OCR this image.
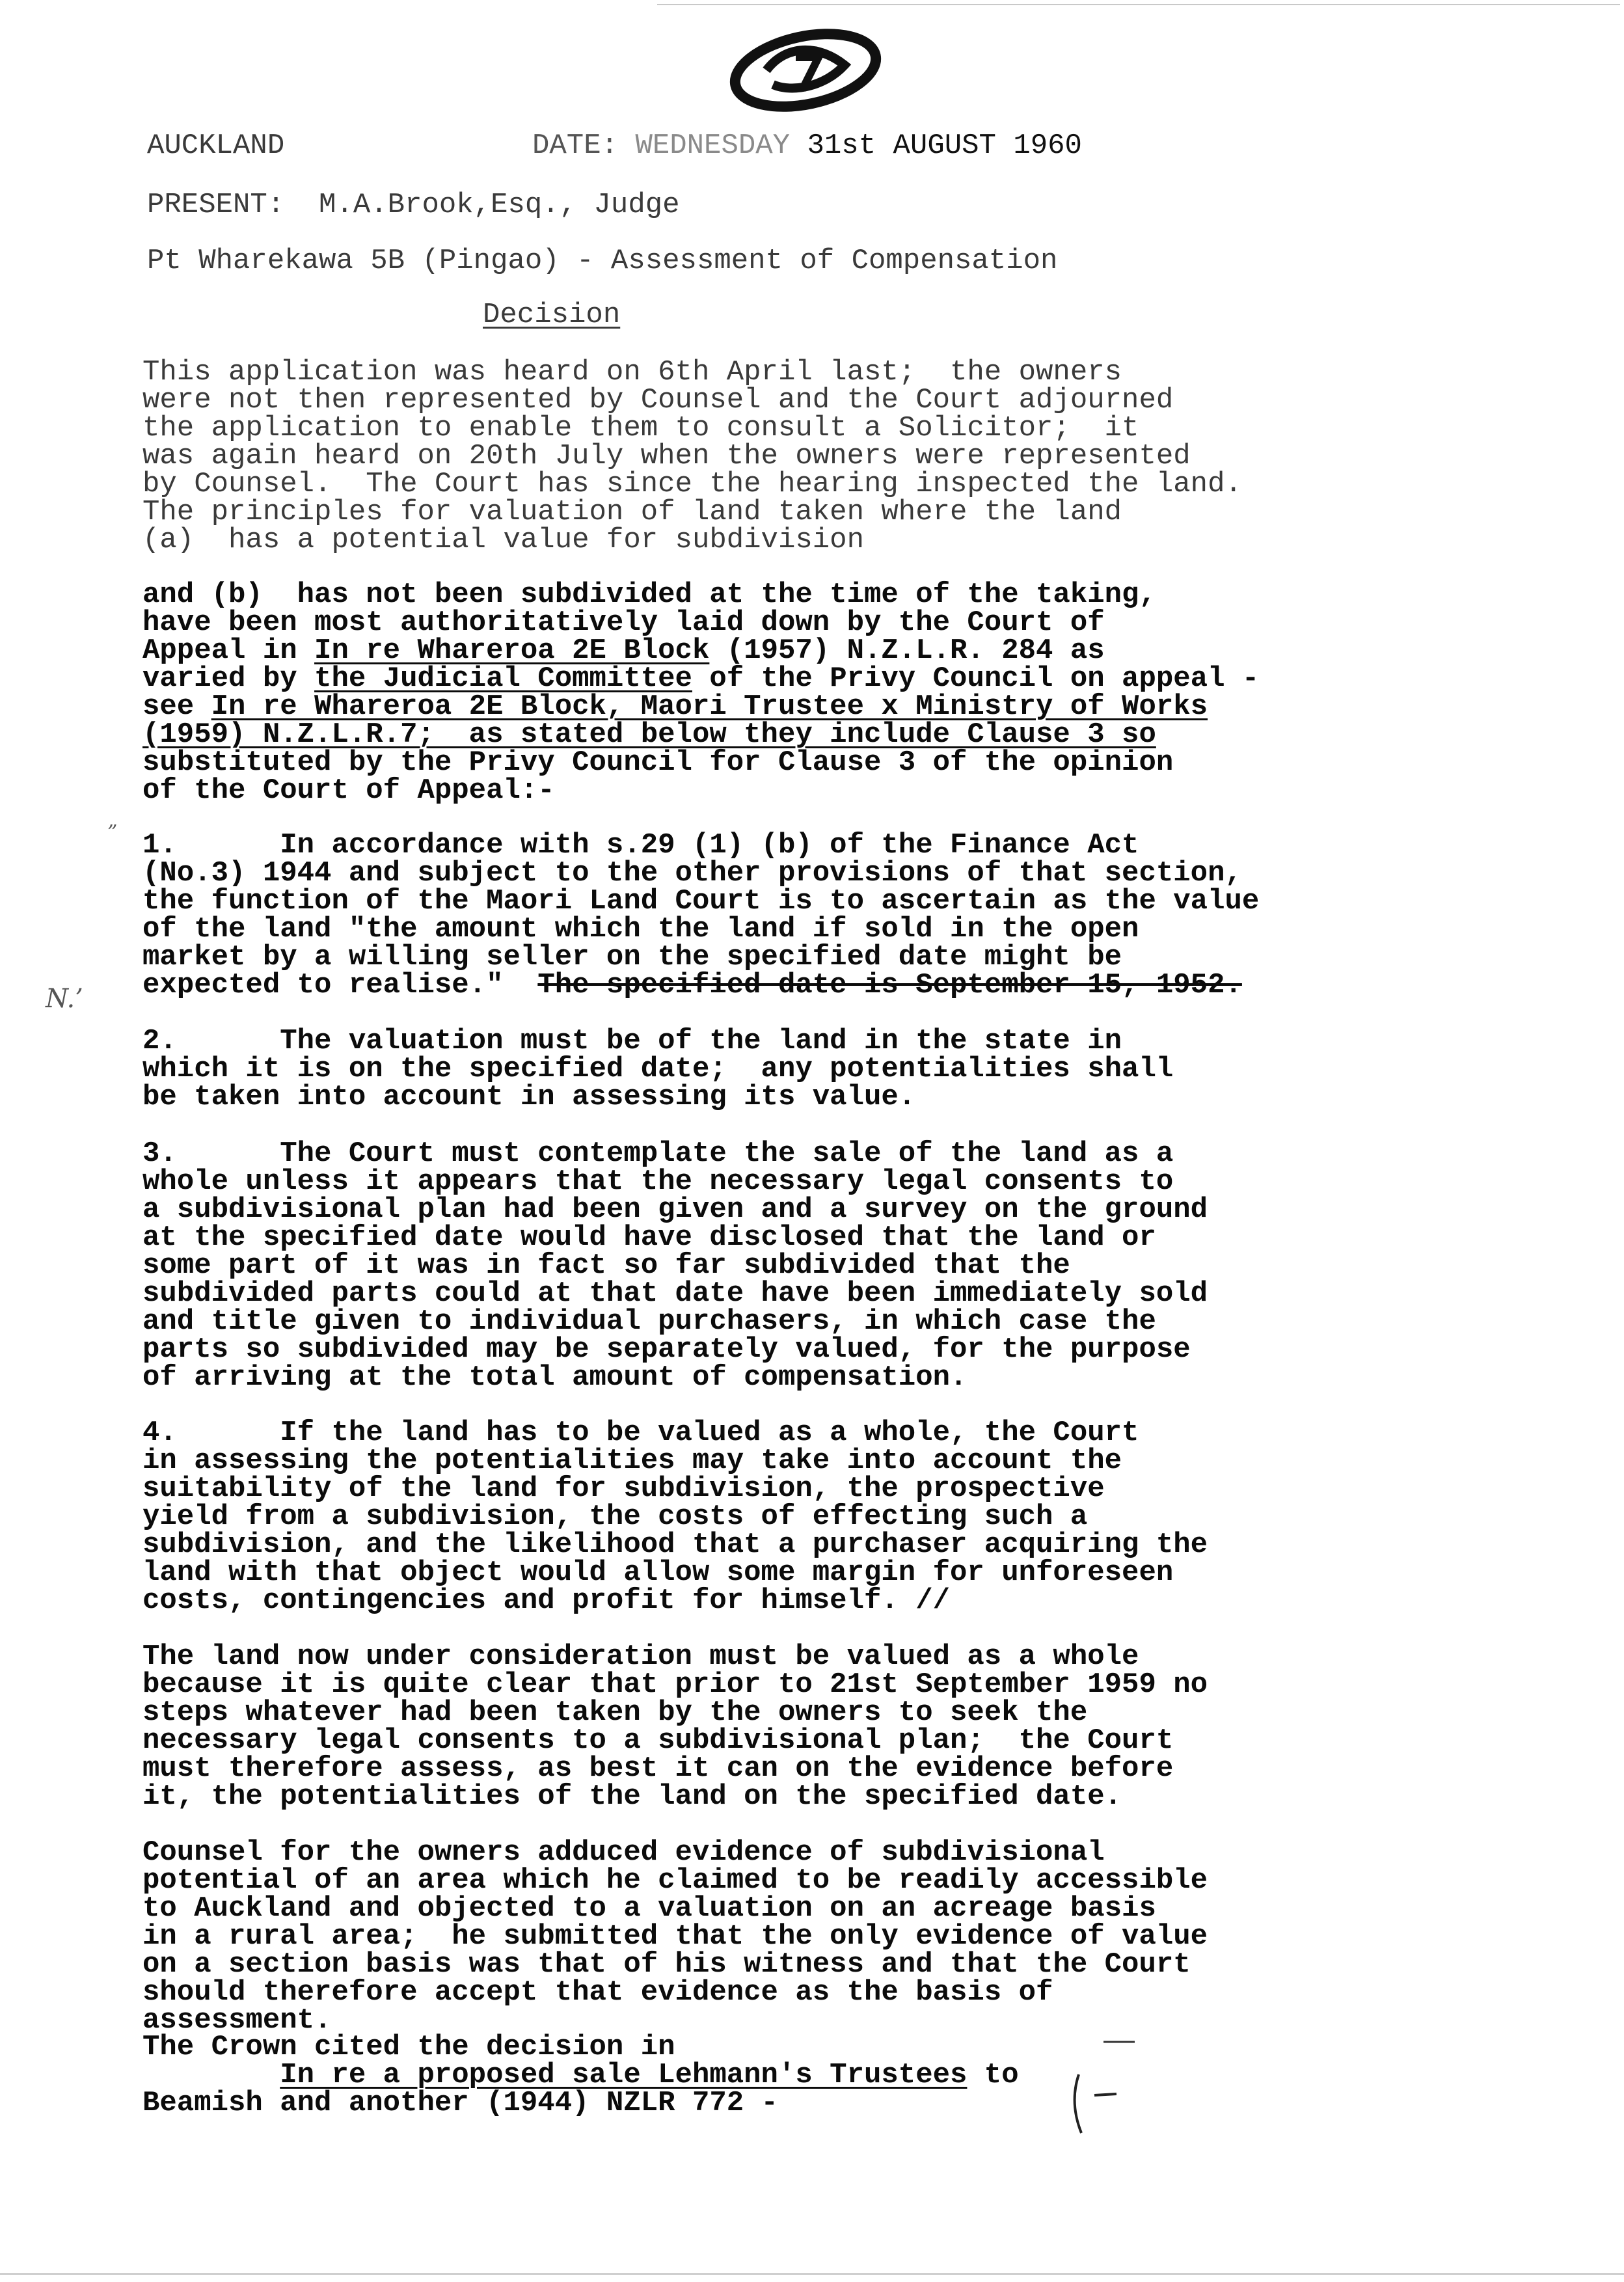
AUCKLAND	DATE: WEDNESDAY 31st AUGUST 1960
PRESENT: M.A.Brook,Esq., Judge
Pt Wharekawa 5B (Pingao) - Assessment of Compensation
Decision
This application was heard on 6th April last;  the owners
were not then represented by Counsel and the Court adjourned
the application to enable them to consult a Solicitor;  it
was again heard on 20th July when the owners were represented
by Counsel.  The Court has since the hearing inspected the land.
The principles for valuation of land taken where the land
(a)  has a potential value for subdivision
and (b)  has not been subdivided at the time of the taking,
have been most authoritatively laid down by the Court of
Appeal in In re Whareroa 2E Block (1957) N.Z.L.R. 284 as
varied by the Judicial Committee of the Privy Council on appeal -
see In re Whareroa 2E Block, Maori Trustee x Ministry of Works
(1959) N.Z.L.R.7;  as stated below they include Clause 3 so
substituted by the Privy Council for Clause 3 of the opinion
of the Court of Appeal:-
” 1.      In accordance with s.29 (1) (b) of the Finance Act
(No.3) 1944 and subject to the other provisions of that section,
the function of the Maori Land Court is to ascertain as the value
of the land "the amount which the land if sold in the open
market by a willing seller on the specified date might be
N.’ expected to realise."  The specified date is September 15, 1952.
2.      The valuation must be of the land in the state in
which it is on the specified date;  any potentialities shall
be taken into account in assessing its value.
3.      The Court must contemplate the sale of the land as a
whole unless it appears that the necessary legal consents to
a subdivisional plan had been given and a survey on the ground
at the specified date would have disclosed that the land or
some part of it was in fact so far subdivided that the
subdivided parts could at that date have been immediately sold
and title given to individual purchasers, in which case the
parts so subdivided may be separately valued, for the purpose
of arriving at the total amount of compensation.
4.      If the land has to be valued as a whole, the Court
in assessing the potentialities may take into account the
suitability of the land for subdivision, the prospective
yield from a subdivision, the costs of effecting such a
subdivision, and the likelihood that a purchaser acquiring the
land with that object would allow some margin for unforeseen
costs, contingencies and profit for himself. //
The land now under consideration must be valued as a whole
because it is quite clear that prior to 21st September 1959 no
steps whatever had been taken by the owners to seek the
necessary legal consents to a subdivisional plan;  the Court
must therefore assess, as best it can on the evidence before
it, the potentialities of the land on the specified date.
Counsel for the owners adduced evidence of subdivisional
potential of an area which he claimed to be readily accessible
to Auckland and objected to a valuation on an acreage basis
in a rural area;  he submitted that the only evidence of value
on a section basis was that of his witness and that the Court
should therefore accept that evidence as the basis of
assessment.
The Crown cited the decision in
In re a proposed sale Lehmann's Trustees to
Beamish and another (1944) NZLR 772 -
